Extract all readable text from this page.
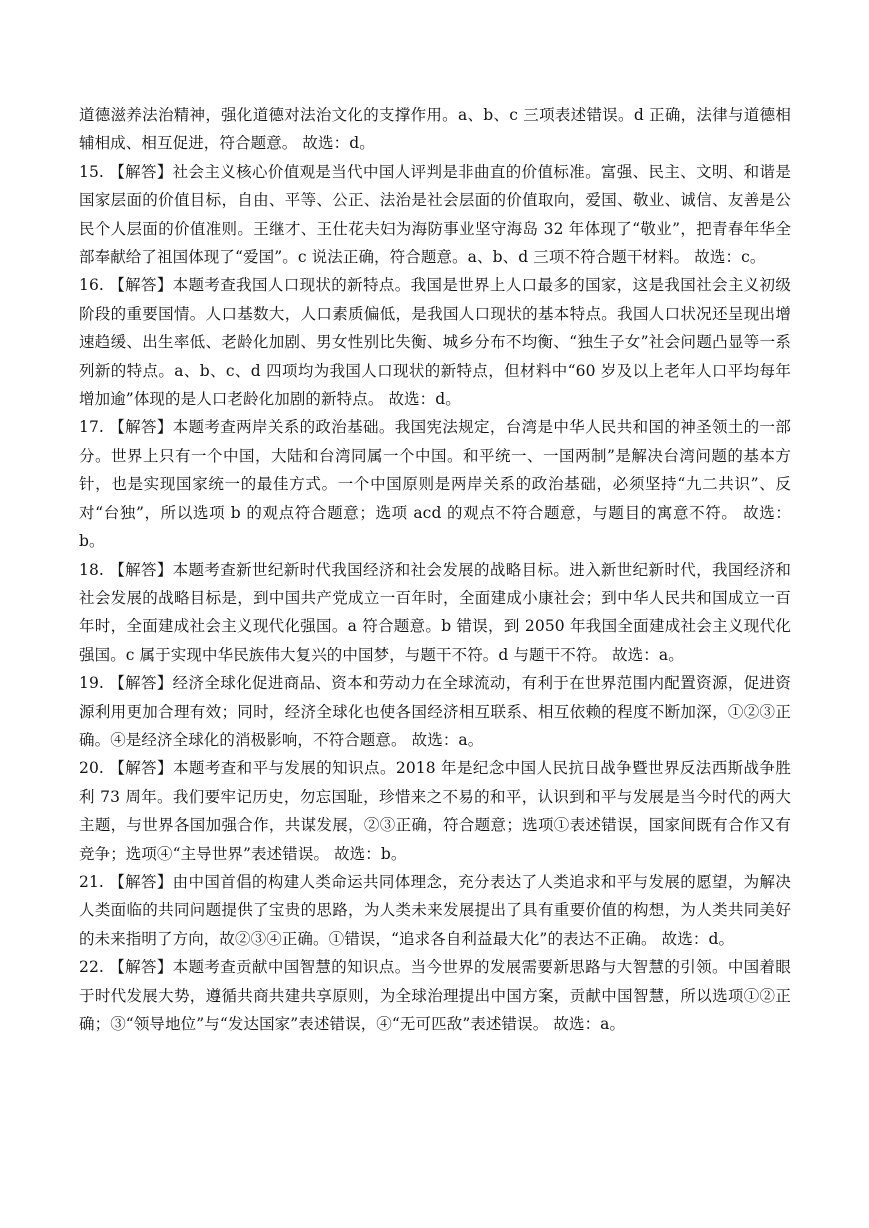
道德滋养法治精神，强化道德对法治文化的支撑作用。a、b、c 三项表述错误。d 正确，法律与道德相辅相成、相互促进，符合题意。 故选：d。

15. 【解答】社会主义核心价值观是当代中国人评判是非曲直的价值标准。富强、民主、文明、和谐是国家层面的价值目标，自由、平等、公正、法治是社会层面的价值取向，爱国、敬业、诚信、友善是公民个人层面的价值准则。王继才、王仕花夫妇为海防事业坚守海岛 32 年体现了“敬业”，把青春年华全部奉献给了祖国体现了“爱国”。c 说法正确，符合题意。a、b、d 三项不符合题干材料。 故选：c。

16. 【解答】本题考查我国人口现状的新特点。我国是世界上人口最多的国家，这是我国社会主义初级阶段的重要国情。人口基数大，人口素质偏低，是我国人口现状的基本特点。我国人口状况还呈现出增速趋缓、出生率低、老龄化加剧、男女性别比失衡、城乡分布不均衡、“独生子女”社会问题凸显等一系列新的特点。a、b、c、d 四项均为我国人口现状的新特点，但材料中“60 岁及以上老年人口平均每年增加逾”体现的是人口老龄化加剧的新特点。 故选：d。

17. 【解答】本题考查两岸关系的政治基础。我国宪法规定，台湾是中华人民共和国的神圣领土的一部分。世界上只有一个中国，大陆和台湾同属一个中国。和平统一、一国两制”是解决台湾问题的基本方针，也是实现国家统一的最佳方式。一个中国原则是两岸关系的政治基础，必须坚持“九二共识”、反对“台独”，所以选项 b 的观点符合题意；选项 acd 的观点不符合题意，与题目的寓意不符。 故选：b。

18. 【解答】本题考查新世纪新时代我国经济和社会发展的战略目标。进入新世纪新时代，我国经济和社会发展的战略目标是，到中国共产党成立一百年时，全面建成小康社会；到中华人民共和国成立一百年时，全面建成社会主义现代化强国。a 符合题意。b 错误，到 2050 年我国全面建成社会主义现代化强国。c 属于实现中华民族伟大复兴的中国梦，与题干不符。d 与题干不符。 故选：a。

19. 【解答】经济全球化促进商品、资本和劳动力在全球流动，有利于在世界范围内配置资源，促进资源利用更加合理有效；同时，经济全球化也使各国经济相互联系、相互依赖的程度不断加深，①②③正确。④是经济全球化的消极影响，不符合题意。 故选：a。

20. 【解答】本题考查和平与发展的知识点。2018 年是纪念中国人民抗日战争暨世界反法西斯战争胜利 73 周年。我们要牢记历史，勿忘国耻，珍惜来之不易的和平，认识到和平与发展是当今时代的两大主题，与世界各国加强合作，共谋发展，②③正确，符合题意；选项①表述错误，国家间既有合作又有竞争；选项④“主导世界”表述错误。 故选：b。

21. 【解答】由中国首倡的构建人类命运共同体理念，充分表达了人类追求和平与发展的愿望，为解决人类面临的共同问题提供了宝贵的思路，为人类未来发展提出了具有重要价值的构想，为人类共同美好的未来指明了方向，故②③④正确。①错误，“追求各自利益最大化”的表达不正确。 故选：d。

22. 【解答】本题考查贡献中国智慧的知识点。当今世界的发展需要新思路与大智慧的引领。中国着眼于时代发展大势，遵循共商共建共享原则，为全球治理提出中国方案，贡献中国智慧，所以选项①②正确；③“领导地位”与“发达国家”表述错误，④“无可匹敌”表述错误。 故选：a。
